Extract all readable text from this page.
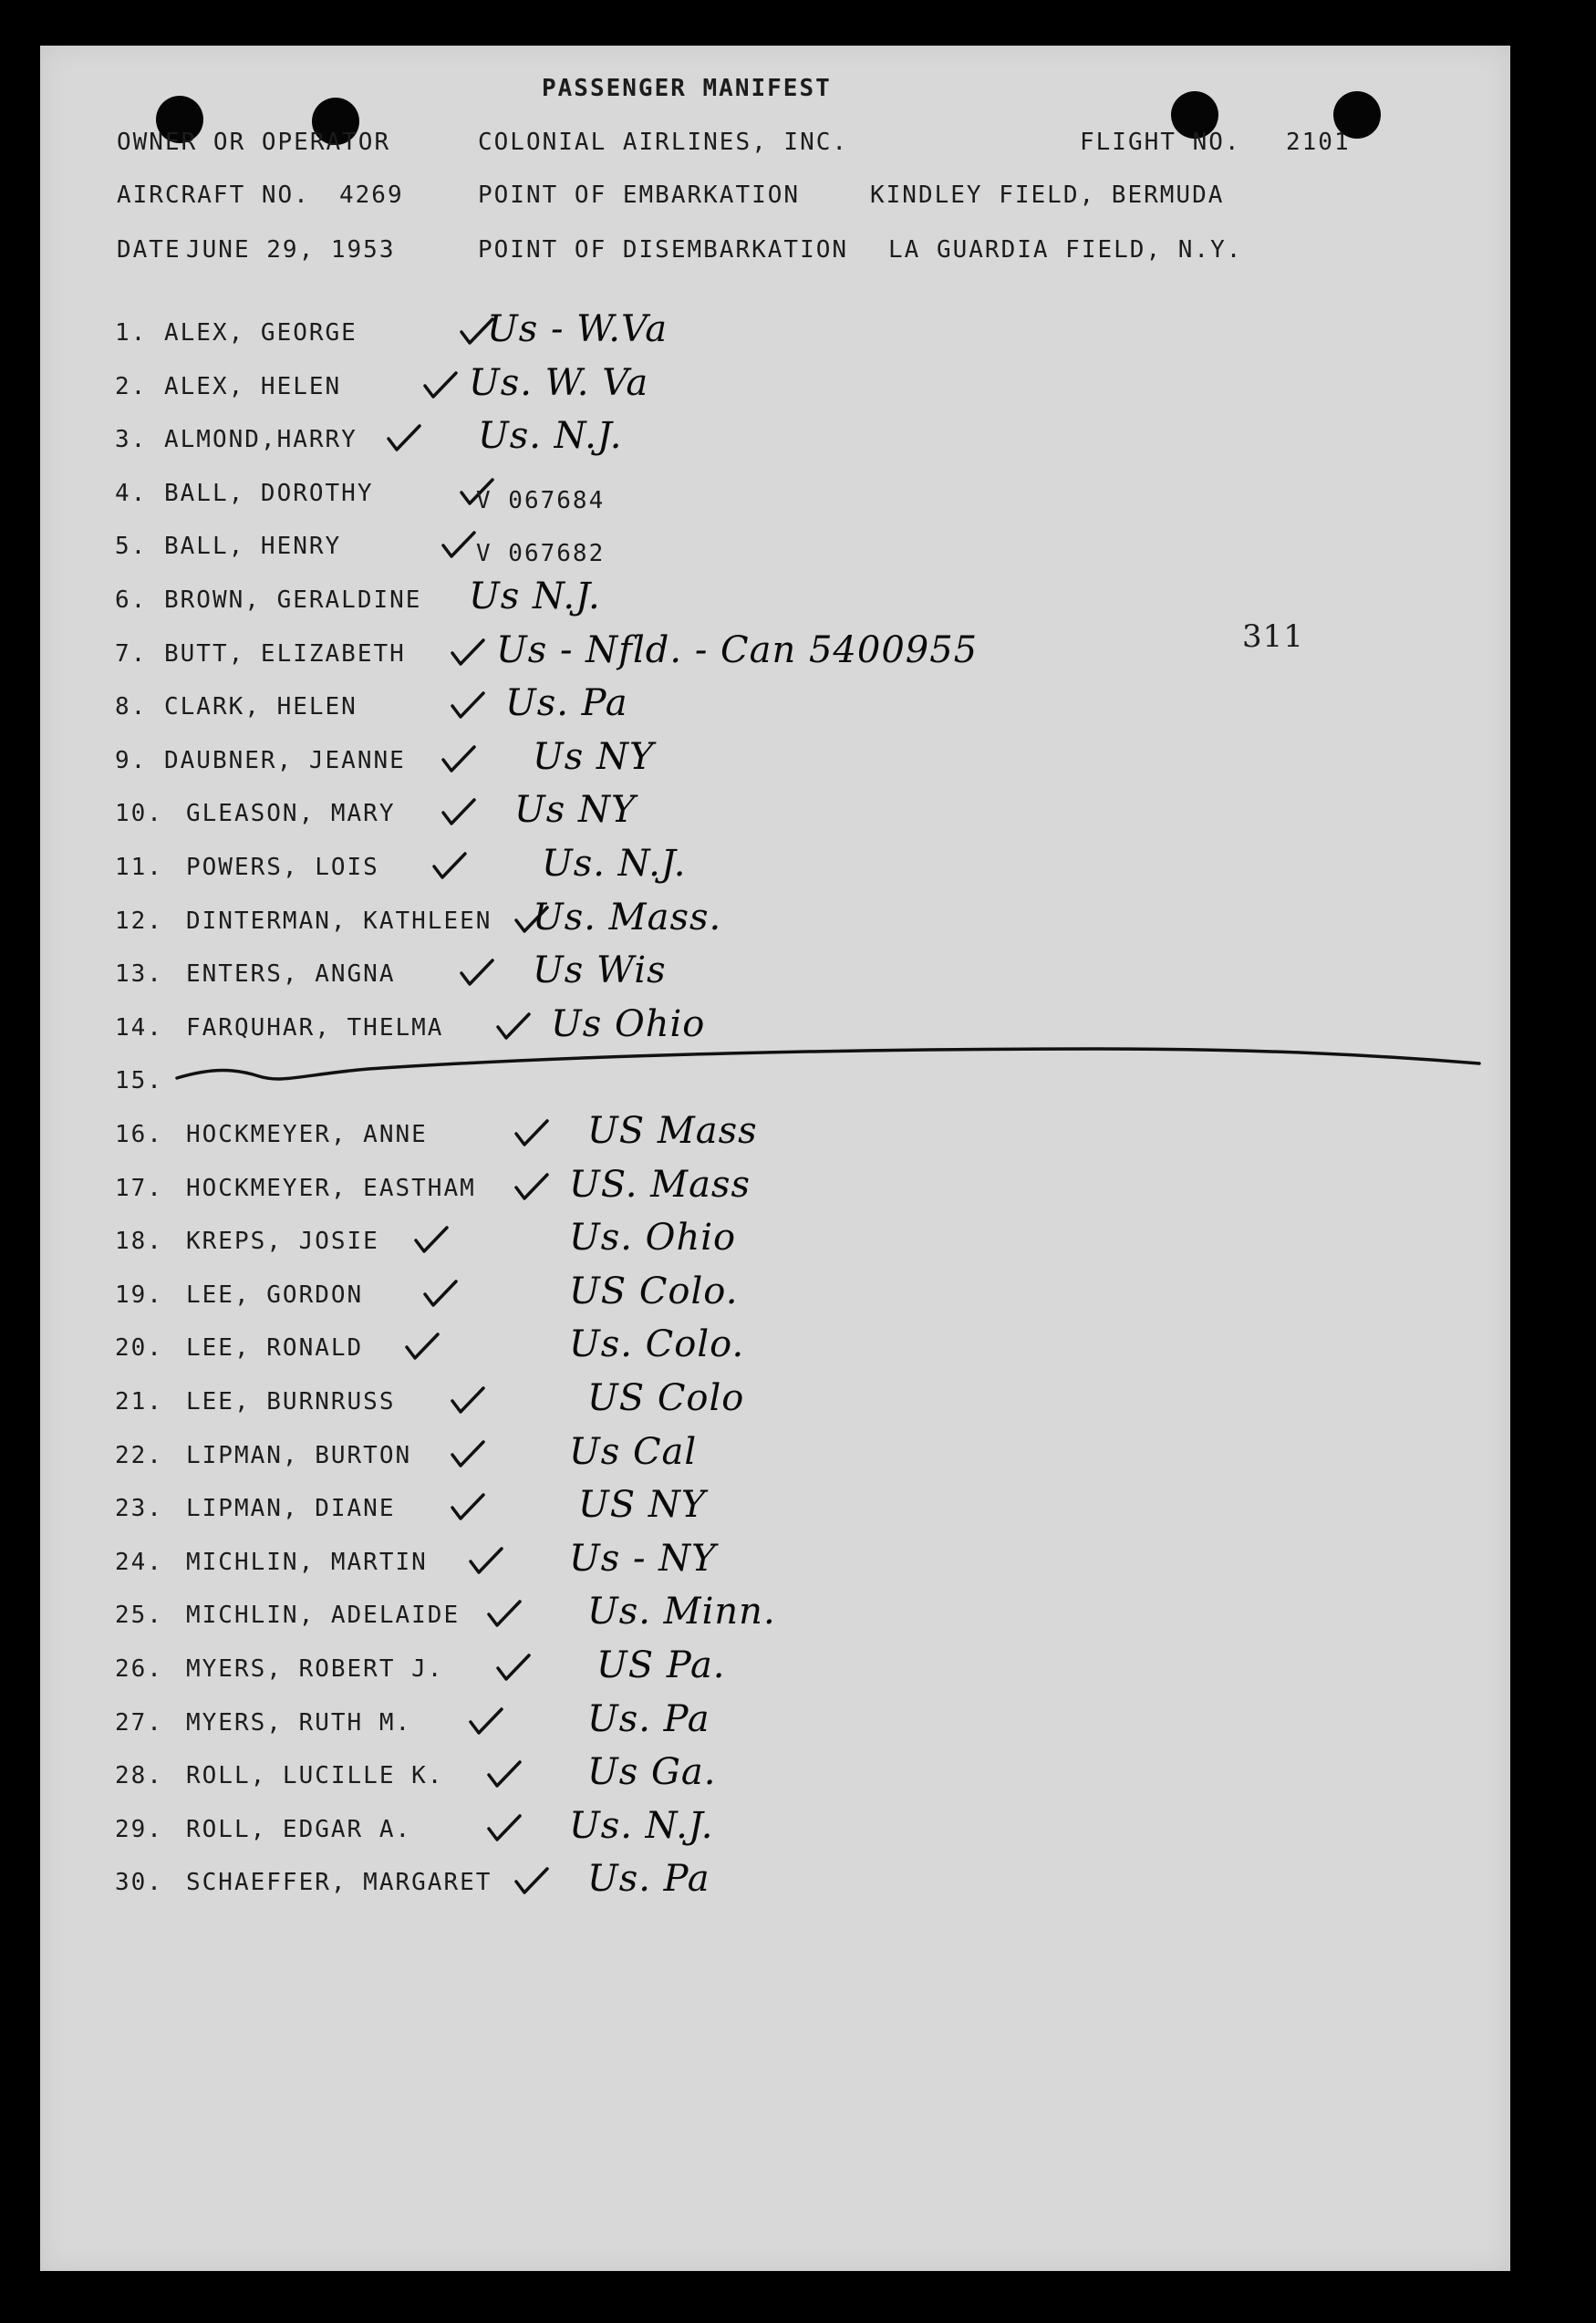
PASSENGER MANIFEST
OWNER OR OPERATOR	COLONIAL AIRLINES, INC.	FLIGHT NO. 2101
AIRCRAFT NO. 4269	POINT OF EMBARKATION	KINDLEY FIELD, BERMUDA
DATE JUNE 29, 1953	POINT OF DISEMBARKATION LA GUARDIA FIELD, N.Y.
311
1. ALEX, GEORGE	Us - W.Va
2. ALEX, HELEN	Us. W. Va
3. ALMOND,HARRY	Us. N.J.
4. BALL, DOROTHY	V 067684
5. BALL, HENRY	V 067682
6. BROWN, GERALDINE Us N.J.
7. BUTT, ELIZABETH Us - Nfld. - Can 5400955
8. CLARK, HELEN	Us. Pa
9. DAUBNER, JEANNE	Us NY
10. GLEASON, MARY	Us NY
11. POWERS, LOIS	Us. N.J.
12. DINTERMAN, KATHLEEN Us. Mass.
13. ENTERS, ANGNA	Us Wis
14. FARQUHAR, THELMA	Us Ohio
15.
16. HOCKMEYER, ANNE	US Mass
17. HOCKMEYER, EASTHAM	US. Mass
18. KREPS, JOSIE	Us. Ohio
19. LEE, GORDON	US Colo.
20. LEE, RONALD	Us. Colo.
21. LEE, BURNRUSS	US Colo
22. LIPMAN, BURTON	Us Cal
23. LIPMAN, DIANE	US NY
24. MICHLIN, MARTIN	Us - NY
25. MICHLIN, ADELAIDE	Us. Minn.
26. MYERS, ROBERT J.	US Pa.
27. MYERS, RUTH M.	Us. Pa
28. ROLL, LUCILLE K.	Us Ga.
29. ROLL, EDGAR A.	Us. N.J.
30. SCHAEFFER, MARGARET	Us. Pa
